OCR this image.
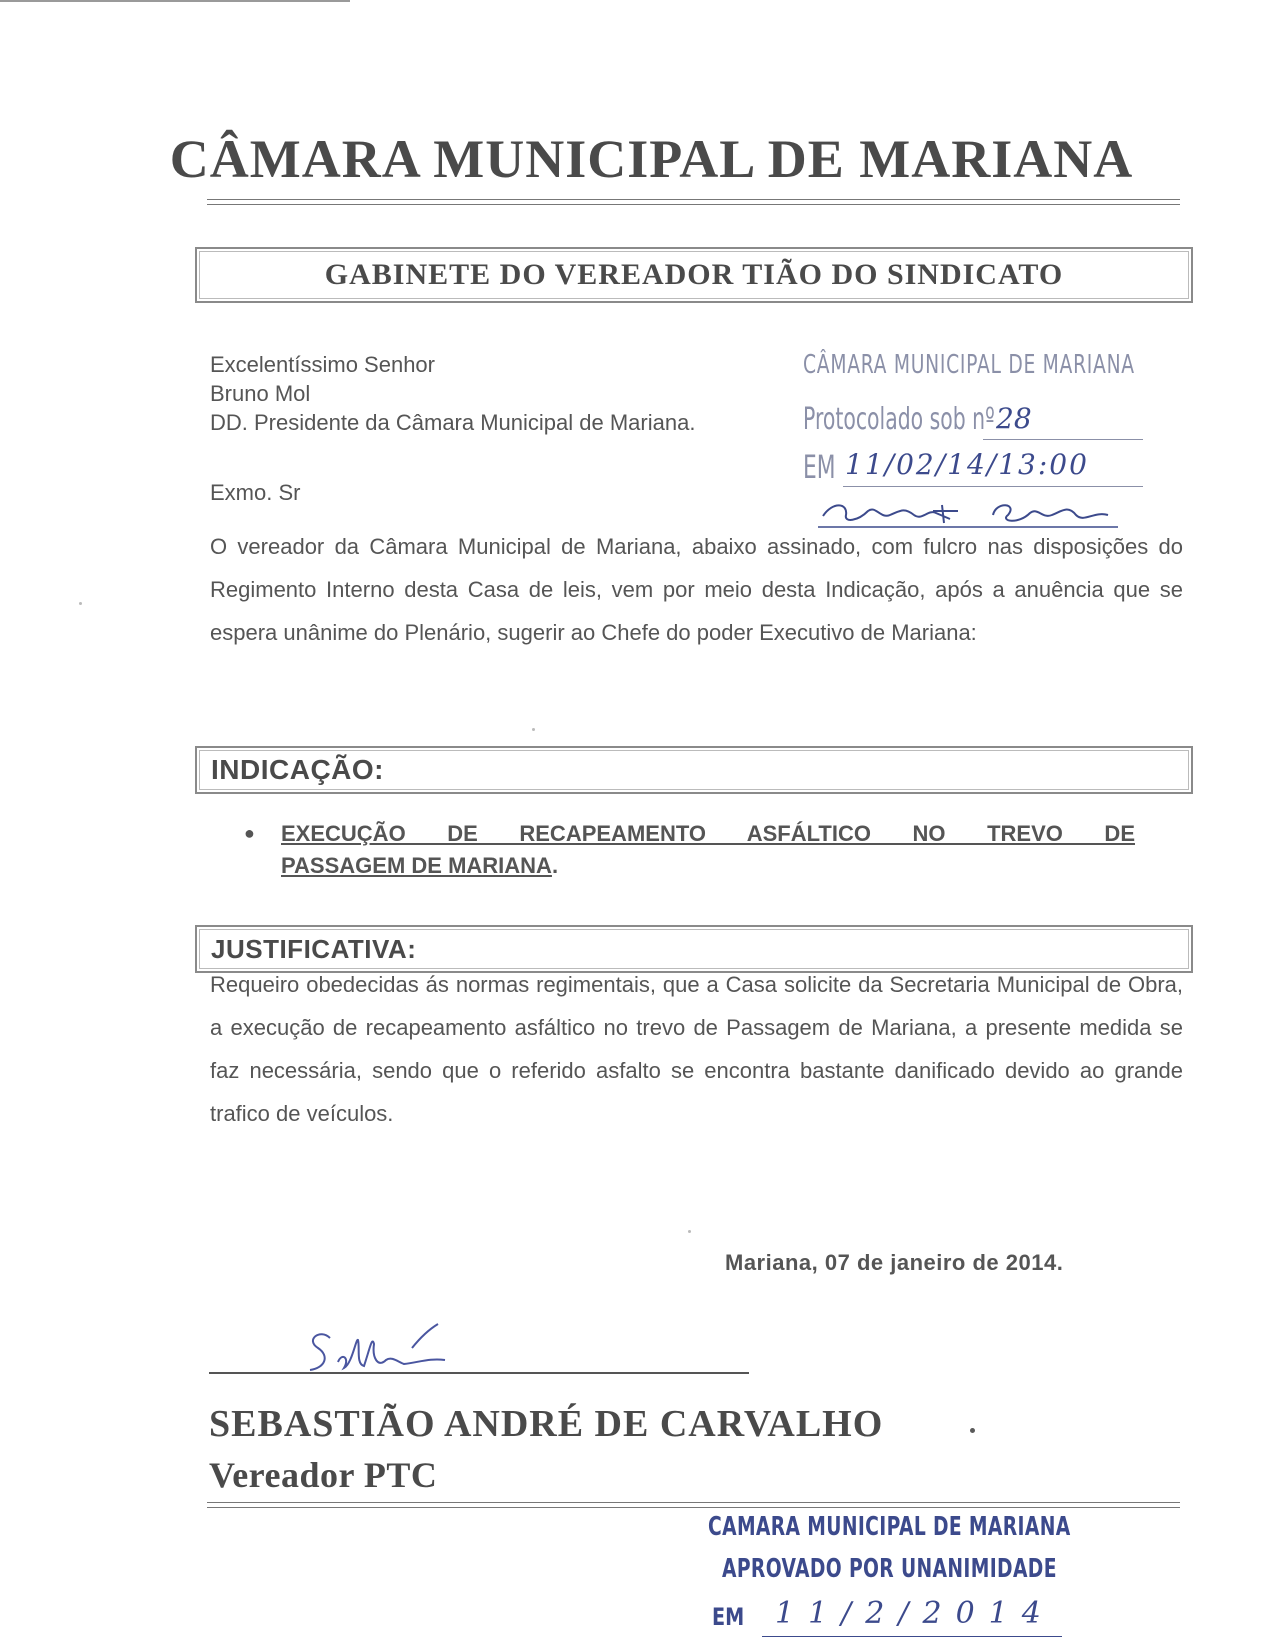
CÂMARA MUNICIPAL DE MARIANA
GABINETE DO VEREADOR TIÃO DO SINDICATO
Excelentíssimo Senhor
Bruno Mol
DD. Presidente da Câmara Municipal de Mariana.
Exmo. Sr
CÂMARA MUNICIPAL DE MARIANA
Protocolado sob nº 28
EM 11/02/14/13:00
O vereador da Câmara Municipal de Mariana, abaixo assinado, com fulcro nas disposições do Regimento Interno desta Casa de leis, vem por meio desta Indicação, após a anuência que se espera unânime do Plenário, sugerir ao Chefe do poder Executivo de Mariana:
INDICAÇÃO:
● EXECUÇÃO DE RECAPEAMENTO ASFÁLTICO NO TREVO DE
PASSAGEM DE MARIANA.
JUSTIFICATIVA:
Requeiro obedecidas ás normas regimentais, que a Casa solicite da Secretaria Municipal de Obra, a execução de recapeamento asfáltico no trevo de Passagem de Mariana, a presente medida se faz necessária, sendo que o referido asfalto se encontra bastante danificado devido ao grande trafico de veículos.
Mariana, 07 de janeiro de 2014.
SEBASTIÃO ANDRÉ DE CARVALHO
Vereador PTC
CAMARA MUNICIPAL DE MARIANA
APROVADO POR UNANIMIDADE
EM 11/2/2014
